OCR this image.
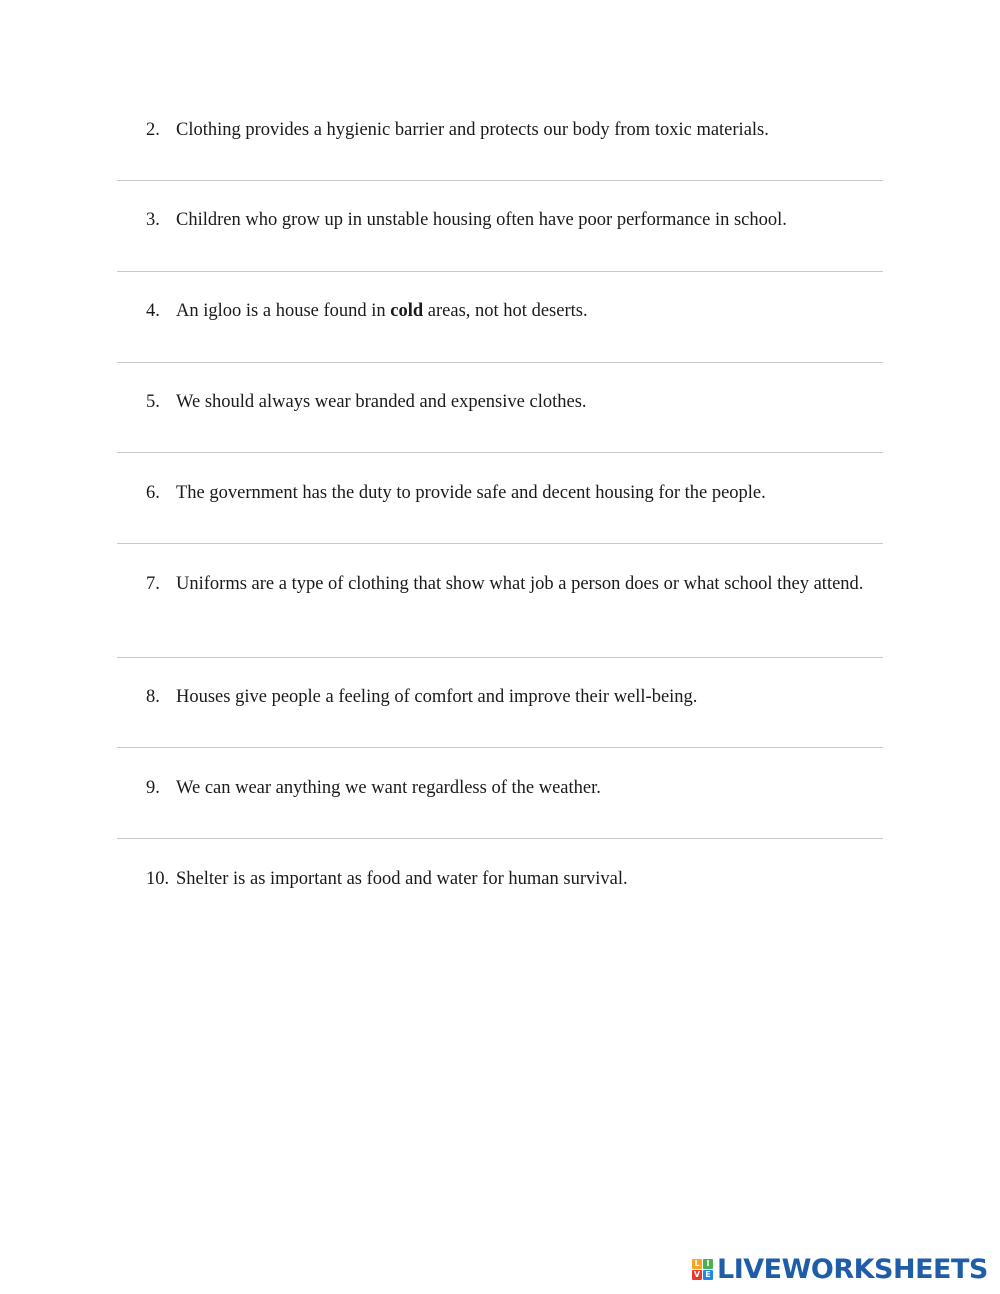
2. Clothing provides a hygienic barrier and protects our body from toxic materials.
3. Children who grow up in unstable housing often have poor performance in school.
4. An igloo is a house found in cold areas, not hot deserts.
5. We should always wear branded and expensive clothes.
6. The government has the duty to provide safe and decent housing for the people.
7. Uniforms are a type of clothing that show what job a person does or what school they attend.
8. Houses give people a feeling of comfort and improve their well-being.
9. We can wear anything we want regardless of the weather.
10. Shelter is as important as food and water for human survival.
L I
V E LIVEWORKSHEETS
